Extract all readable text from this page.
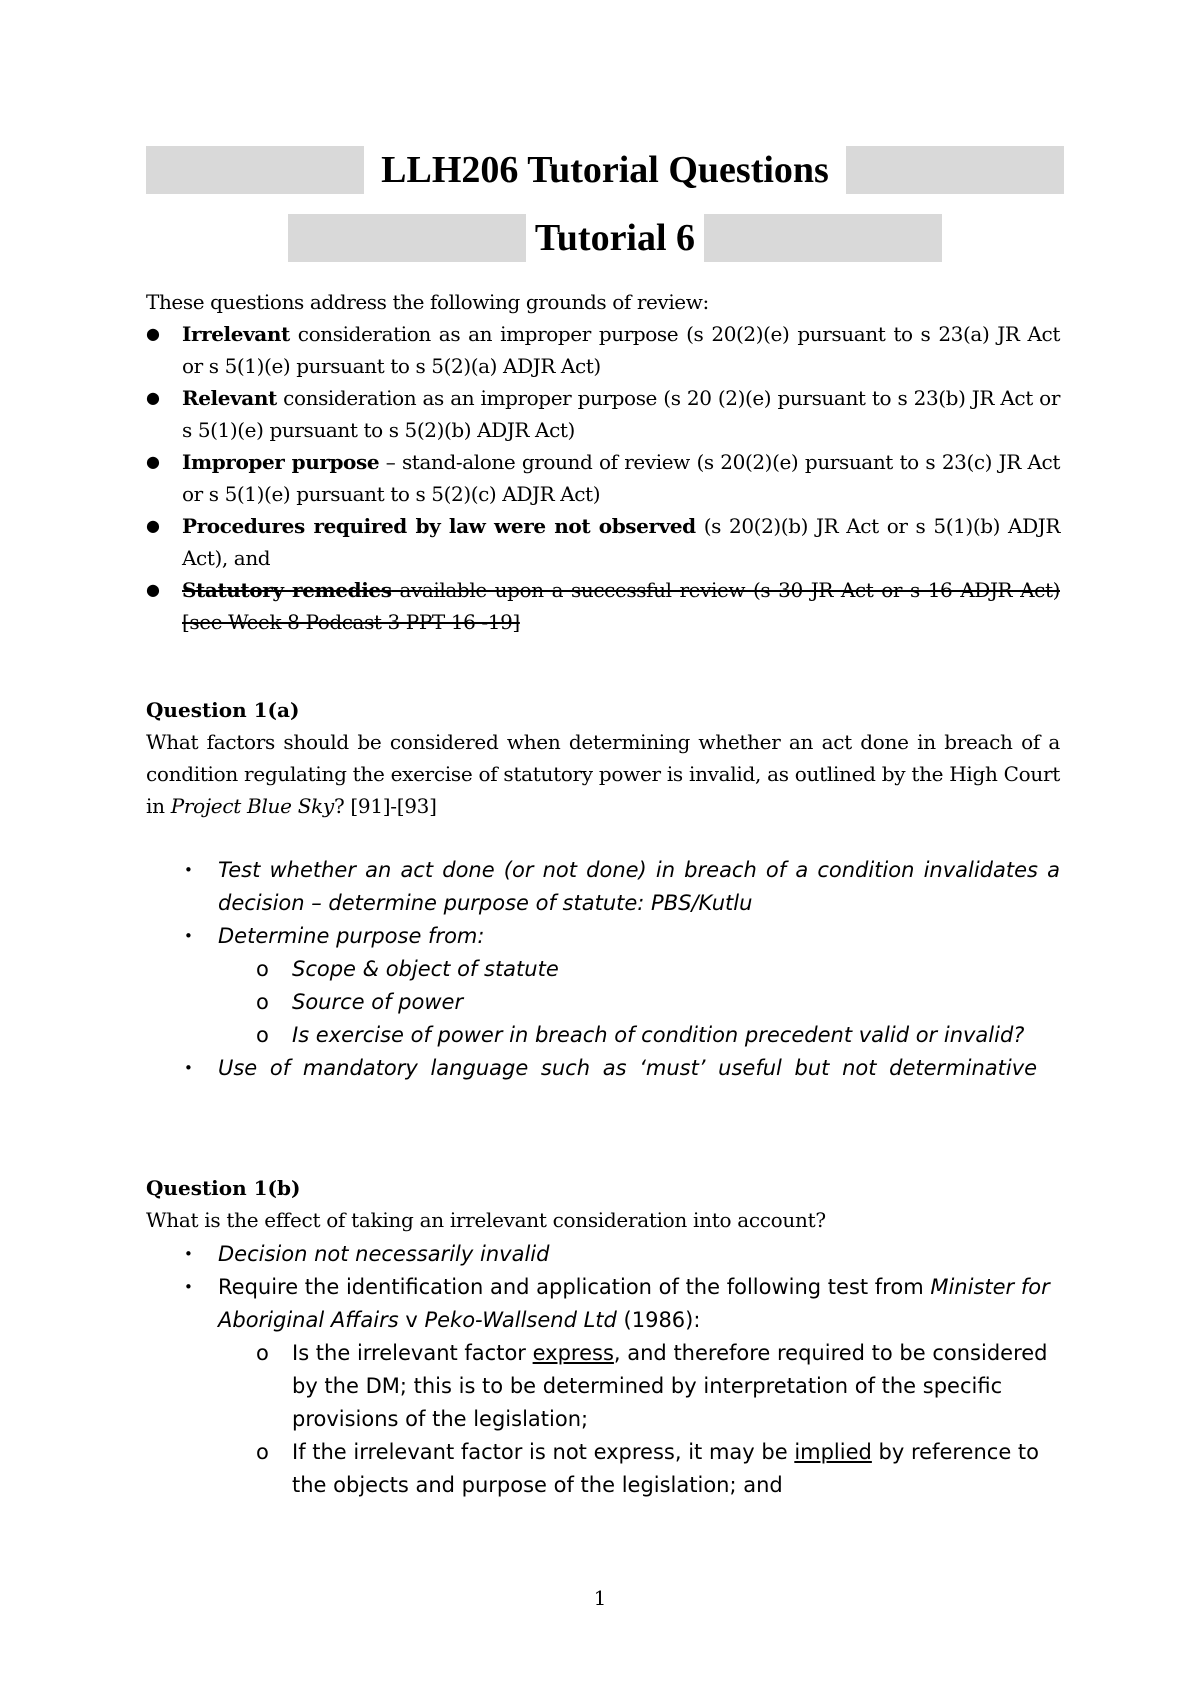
LLH206 Tutorial Questions
Tutorial 6

These questions address the following grounds of review:

● Irrelevant consideration as an improper purpose (s 20(2)(e) pursuant to s 23(a) JR Act or s 5(1)(e) pursuant to s 5(2)(a) ADJR Act)
● Relevant consideration as an improper purpose (s 20 (2)(e) pursuant to s 23(b) JR Act or s 5(1)(e) pursuant to s 5(2)(b) ADJR Act)
● Improper purpose – stand-alone ground of review (s 20(2)(e) pursuant to s 23(c) JR Act or s 5(1)(e) pursuant to s 5(2)(c) ADJR Act)
● Procedures required by law were not observed (s 20(2)(b) JR Act or s 5(1)(b) ADJR Act), and
● Statutory remedies available upon a successful review (s 30 JR Act or s 16 ADJR Act) [see Week 8 Podcast 3 PPT 16 -19]
Question 1(a)

What factors should be considered when determining whether an act done in breach of a condition regulating the exercise of statutory power is invalid, as outlined by the High Court in Project Blue Sky? [91]-[93]

• Test whether an act done (or not done) in breach of a condition invalidates a decision – determine purpose of statute: PBS/Kutlu
• Determine purpose from:
o Scope & object of statute
o Source of power
o Is exercise of power in breach of condition precedent valid or invalid?
• Use of mandatory language such as ‘must’ useful but not determinative
Question 1(b)
What is the effect of taking an irrelevant consideration into account?
• Decision not necessarily invalid
• Require the identification and application of the following test from Minister for Aboriginal Affairs v Peko-Wallsend Ltd (1986):
o Is the irrelevant factor express, and therefore required to be considered by the DM; this is to be determined by interpretation of the specific provisions of the legislation;
o If the irrelevant factor is not express, it may be implied by reference to the objects and purpose of the legislation; and
1
